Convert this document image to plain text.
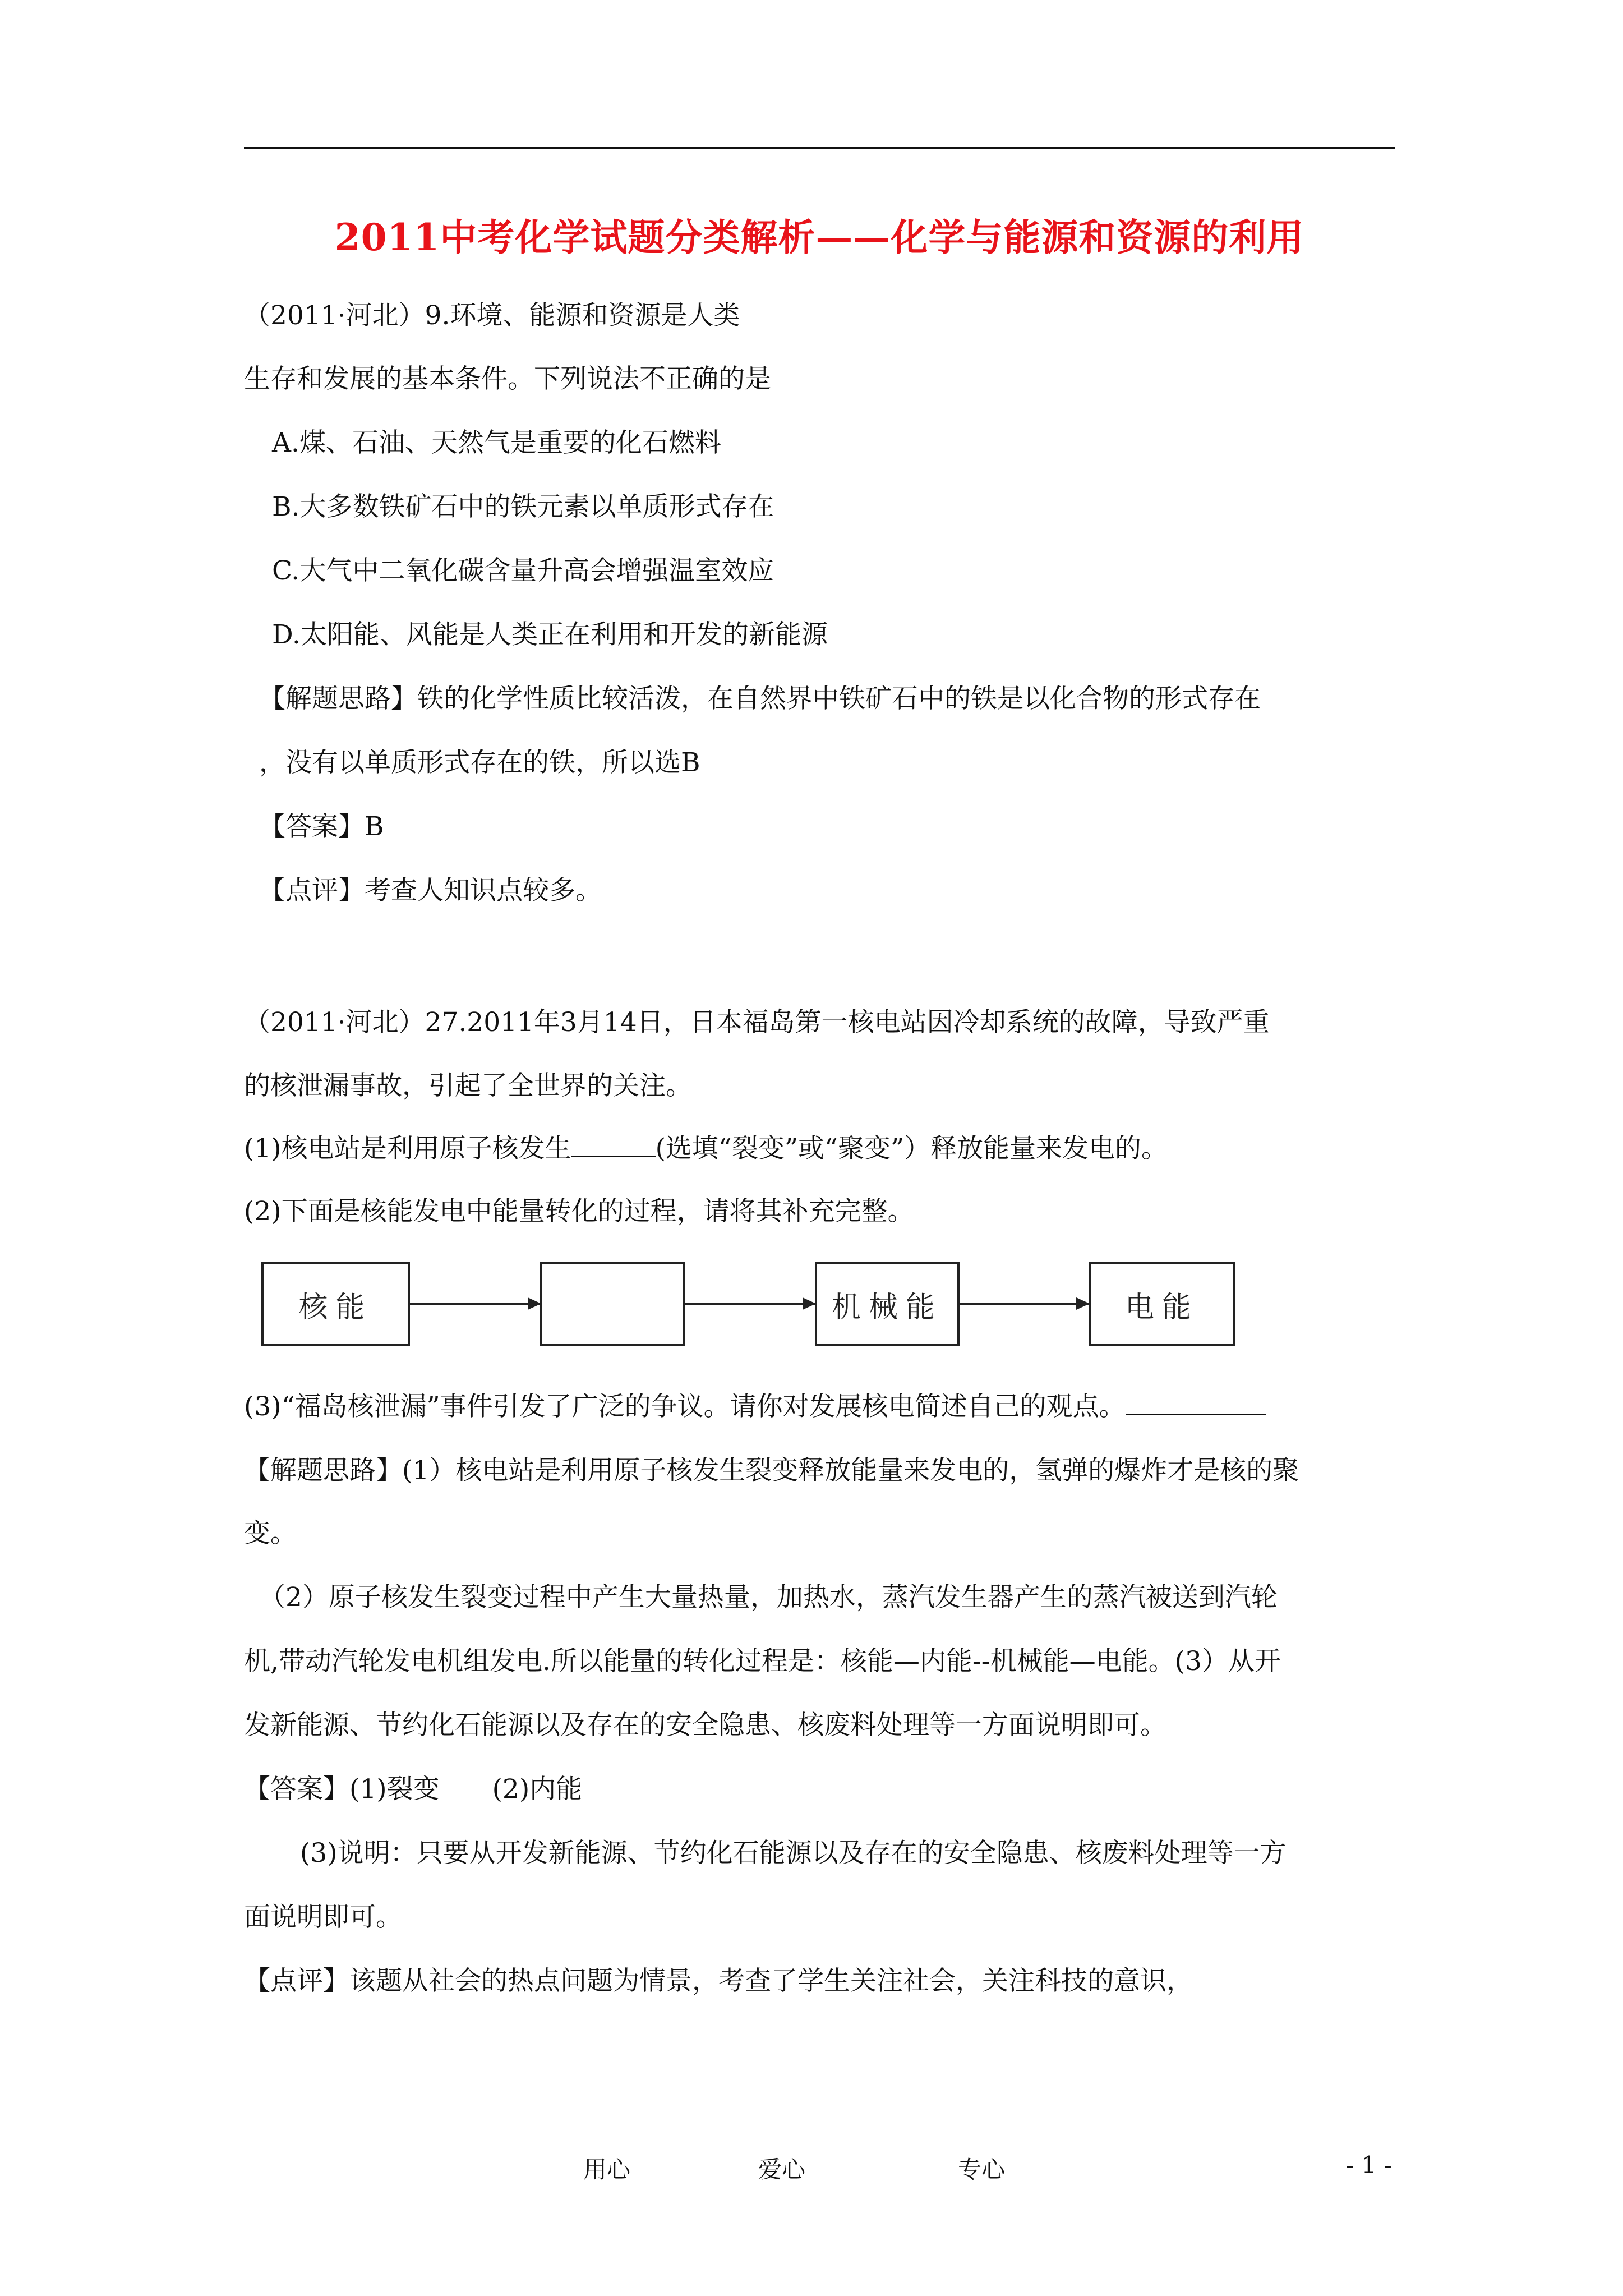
2011中考化学试题分类解析——化学与能源和资源的利用
（2011·河北）9.环境、能源和资源是人类
生存和发展的基本条件。下列说法不正确的是
A.煤、石油、天然气是重要的化石燃料
B.大多数铁矿石中的铁元素以单质形式存在
C.大气中二氧化碳含量升高会增强温室效应
D.太阳能、风能是人类正在利用和开发的新能源
【解题思路】铁的化学性质比较活泼，在自然界中铁矿石中的铁是以化合物的形式存在
，没有以单质形式存在的铁，所以选B
【答案】B
【点评】考查人知识点较多。
（2011·河北）27.2011年3月14日，日本福岛第一核电站因冷却系统的故障，导致严重
的核泄漏事故，引起了全世界的关注。
(1)核电站是利用原子核发生	(选填“裂变”或“聚变”）释放能量来发电的。
(2)下面是核能发电中能量转化的过程，请将其补充完整。
核能	机械能	电能
(3)“福岛核泄漏”事件引发了广泛的争议。请你对发展核电简述自己的观点。
【解题思路】(1）核电站是利用原子核发生裂变释放能量来发电的，氢弹的爆炸才是核的聚
变。
（2）原子核发生裂变过程中产生大量热量，加热水，蒸汽发生器产生的蒸汽被送到汽轮
机,带动汽轮发电机组发电.所以能量的转化过程是：核能—内能--机械能—电能。(3）从开
发新能源、节约化石能源以及存在的安全隐患、核废料处理等一方面说明即可。
【答案】(1)裂变　　(2)内能
(3)说明：只要从开发新能源、节约化石能源以及存在的安全隐患、核废料处理等一方
面说明即可。
【点评】该题从社会的热点问题为情景，考查了学生关注社会，关注科技的意识，
用心	爱心	专心	- 1 -
